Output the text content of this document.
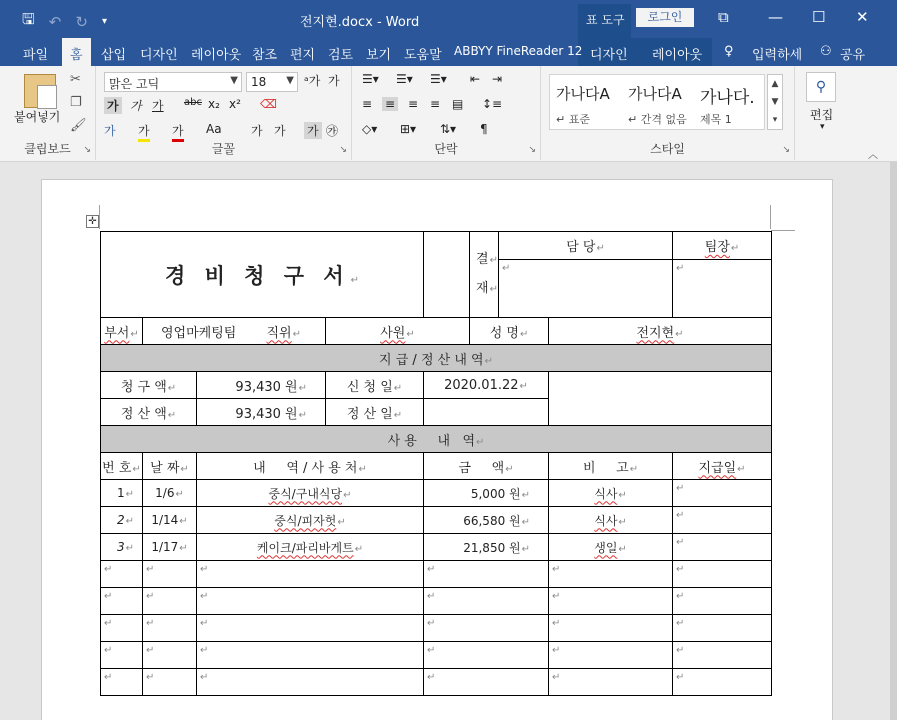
🖫 ↶ ↻ ▾	전지현.docx - Word	표 도구	로그인	⧉	— ☐ ✕
파일	홈	삽입 디자인 레이아웃 참조 편지 검토 보기 도움말 ABBYY FineReader 12 디자인 레이아웃 ♀ 입력하세 ⚇ 공유
붙여넣기
✂
❐
🖌
클립보드	↘
맑은 고딕	▼	18 ▼ ᵃ가 가
가 가 가 abc x₂ x² ⌫
가 가 가 Aa 가 가 가 ㉮
글꼴	↘
☰▾ ☰▾ ☰▾ ⇤ ⇥
≡ ≡ ≡ ≡ ▤ ↕≡
◇▾ ⊞▾ ⇅▾ ¶
단락	↘	스타일	↘
가나다A
↵ 표준
가나다A
↵ 간격 없음
가나다.
제목 1
▲
▼
▾
⚲
편집
▾
︿
✛
경 비 청 구 서↵					결↵
재↵	담 당↵		팀장↵
						↵		↵
부서↵	영업마케팅팀 직위↵		사원↵		성 명↵		전지현↵	
지 급 / 정 산 내 역↵								
청 구 액↵		93,430 원↵	신 청 일↵	2020.01.22↵				
정 산 액↵		93,430 원↵	정 산 일↵					
사 용     내   역↵								
번 호↵	날 짜↵	내     역 / 사 용 처↵		금     액↵			비     고↵	지급일↵
1↵	1/6↵	중식/구내식당↵		5,000 원↵			식사↵	↵
2↵	1/14↵	중식/피자헛↵		66,580 원↵			식사↵	↵
3↵	1/17↵	케이크/파리바게트↵		21,850 원↵			생일↵	↵
↵	↵	↵		↵			↵	↵
↵	↵	↵		↵			↵	↵
↵	↵	↵		↵			↵	↵
↵	↵	↵		↵			↵	↵
↵	↵	↵		↵			↵	↵
